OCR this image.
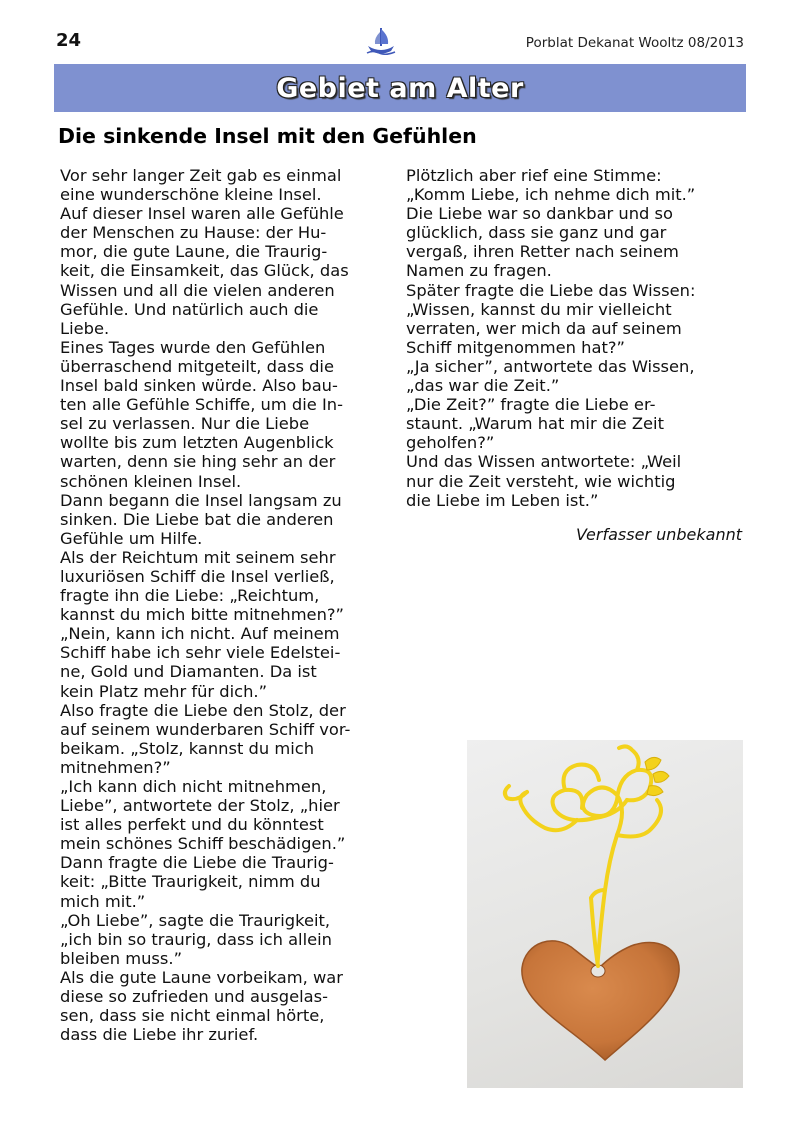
24	Porblat Dekanat Wooltz 08/2013
Gebiet am Alter
Die sinkende Insel mit den Gefühlen
Vor sehr langer Zeit gab es einmal
eine wunderschöne kleine Insel.
Auf dieser Insel waren alle Gefühle
der Menschen zu Hause: der Hu-
mor, die gute Laune, die Traurig-
keit, die Einsamkeit, das Glück, das
Wissen und all die vielen anderen
Gefühle. Und natürlich auch die
Liebe.
Eines Tages wurde den Gefühlen
überraschend mitgeteilt, dass die
Insel bald sinken würde. Also bau-
ten alle Gefühle Schiffe, um die In-
sel zu verlassen. Nur die Liebe
wollte bis zum letzten Augenblick
warten, denn sie hing sehr an der
schönen kleinen Insel.
Dann begann die Insel langsam zu
sinken. Die Liebe bat die anderen
Gefühle um Hilfe.
Als der Reichtum mit seinem sehr
luxuriösen Schiff die Insel verließ,
fragte ihn die Liebe: „Reichtum,
kannst du mich bitte mitnehmen?”
„Nein, kann ich nicht. Auf meinem
Schiff habe ich sehr viele Edelstei-
ne, Gold und Diamanten. Da ist
kein Platz mehr für dich.”
Also fragte die Liebe den Stolz, der
auf seinem wunderbaren Schiff vor-
beikam. „Stolz, kannst du mich
mitnehmen?”
„Ich kann dich nicht mitnehmen,
Liebe”, antwortete der Stolz, „hier
ist alles perfekt und du könntest
mein schönes Schiff beschädigen.”
Dann fragte die Liebe die Traurig-
keit: „Bitte Traurigkeit, nimm du
mich mit.”
„Oh Liebe”, sagte die Traurigkeit,
„ich bin so traurig, dass ich allein
bleiben muss.”
Als die gute Laune vorbeikam, war
diese so zufrieden und ausgelas-
sen, dass sie nicht einmal hörte,
dass die Liebe ihr zurief.
Plötzlich aber rief eine Stimme:
„Komm Liebe, ich nehme dich mit.”
Die Liebe war so dankbar und so
glücklich, dass sie ganz und gar
vergaß, ihren Retter nach seinem
Namen zu fragen.
Später fragte die Liebe das Wissen:
„Wissen, kannst du mir vielleicht
verraten, wer mich da auf seinem
Schiff mitgenommen hat?”
„Ja sicher”, antwortete das Wissen,
„das war die Zeit.”
„Die Zeit?” fragte die Liebe er-
staunt. „Warum hat mir die Zeit
geholfen?”
Und das Wissen antwortete: „Weil
nur die Zeit versteht, wie wichtig
die Liebe im Leben ist.”
Verfasser unbekannt
